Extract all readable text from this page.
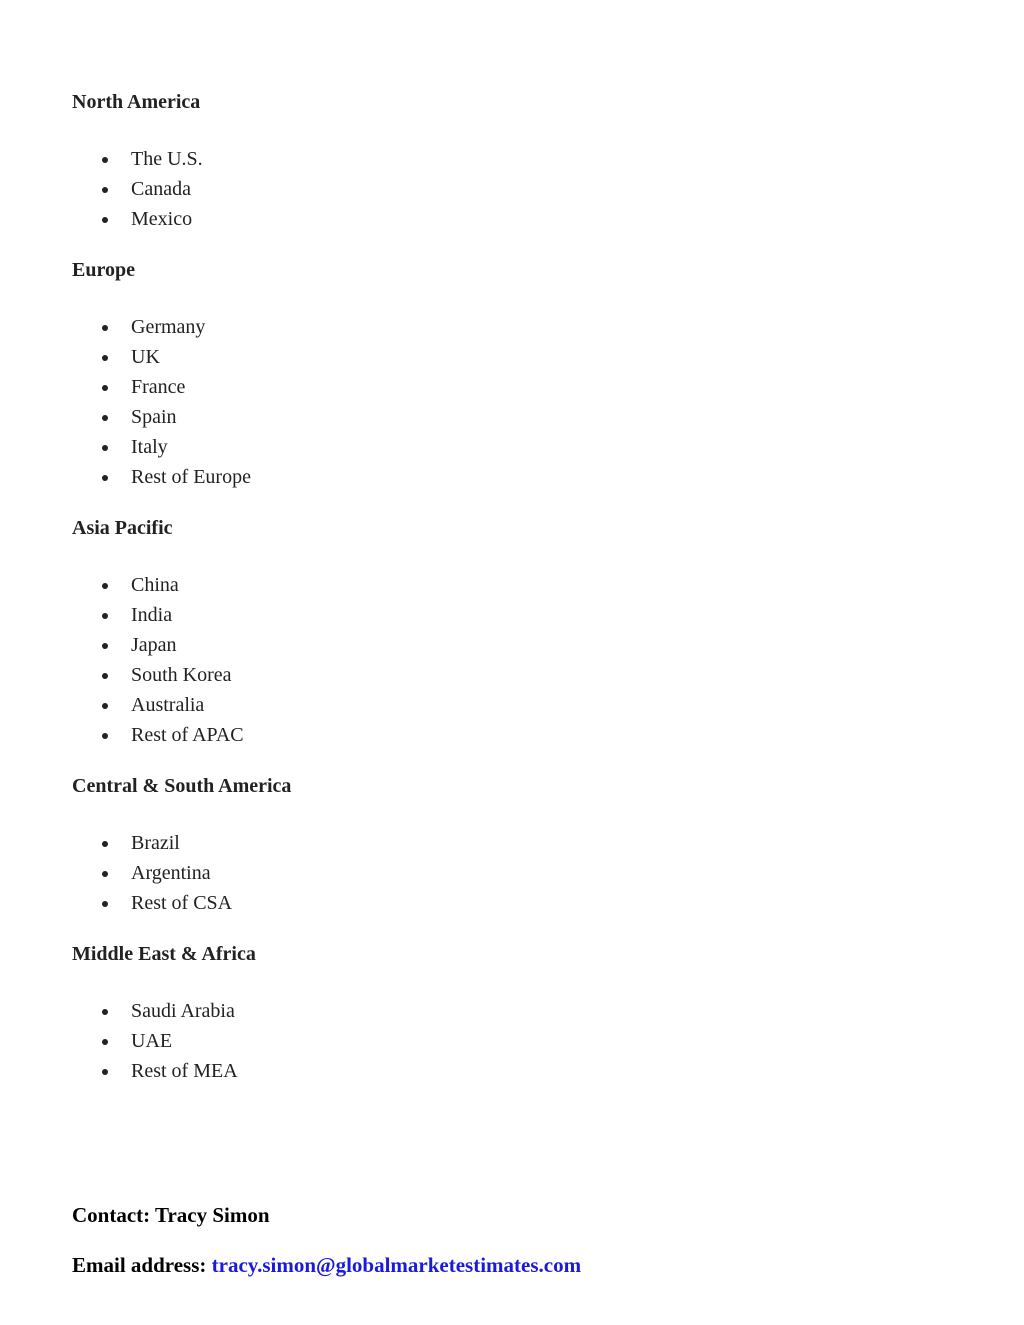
North America
The U.S.
Canada
Mexico
Europe
Germany
UK
France
Spain
Italy
Rest of Europe
Asia Pacific
China
India
Japan
South Korea
Australia
Rest of APAC
Central & South America
Brazil
Argentina
Rest of CSA
Middle East & Africa
Saudi Arabia
UAE
Rest of MEA
Contact: Tracy Simon
Email address: tracy.simon@globalmarketestimates.com
